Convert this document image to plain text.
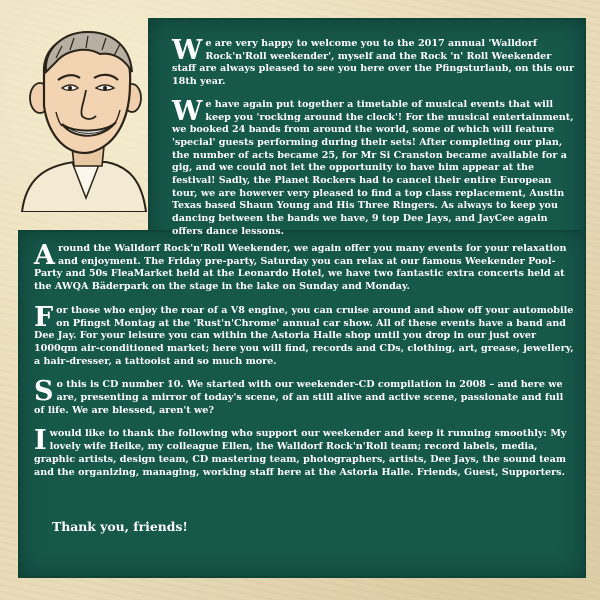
We are very happy to welcome you to the 2017 annual 'Walldorf Rock'n'Roll weekender', myself and the Rock 'n' Roll Weekender staff are always pleased to see you here over the Pfingsturlaub, on this our 18th year.

We have again put together a timetable of musical events that will keep you 'rocking around the clock'! For the musical entertainment, we booked 24 bands from around the world, some of which will feature 'special' guests performing during their sets! After completing our plan, the number of acts became 25, for Mr Si Cranston became available for a gig, and we could not let the opportunity to have him appear at the festival! Sadly, the Planet Rockers had to cancel their entire European tour, we are however very pleased to find a top class replacement, Austin Texas based Shaun Young and His Three Ringers. As always to keep you dancing between the bands we have, 9 top Dee Jays, and JayCee again offers dance lessons.

Around the Walldorf Rock'n'Roll Weekender, we again offer you many events for your relaxation and enjoyment. The Friday pre-party, Saturday you can relax at our famous Weekender Pool-Party and 50s FleaMarket held at the Leonardo Hotel, we have two fantastic extra concerts held at the AWQA Bäderpark on the stage in the lake on Sunday and Monday.

For those who enjoy the roar of a V8 engine, you can cruise around and show off your automobile on Pfingst Montag at the 'Rust'n'Chrome' annual car show. All of these events have a band and Dee Jay. For your leisure you can within the Astoria Halle shop until you drop in our just over 1000qm air-conditioned market; here you will find, records and CDs, clothing, art, grease, jewellery, a hair-dresser, a tattooist and so much more.

So this is CD number 10. We started with our weekender-CD compilation in 2008 – and here we are, presenting a mirror of today's scene, of an still alive and active scene, passionate and full of life. We are blessed, aren't we?

I would like to thank the following who support our weekender and keep it running smoothly: My lovely wife Heike, my colleague Ellen, the Walldorf Rock'n'Roll team; record labels, media, graphic artists, design team, CD mastering team, photographers, artists, Dee Jays, the sound team and the organizing, managing, working staff here at the Astoria Halle. Friends, Guest, Supporters.

Thank you, friends!
